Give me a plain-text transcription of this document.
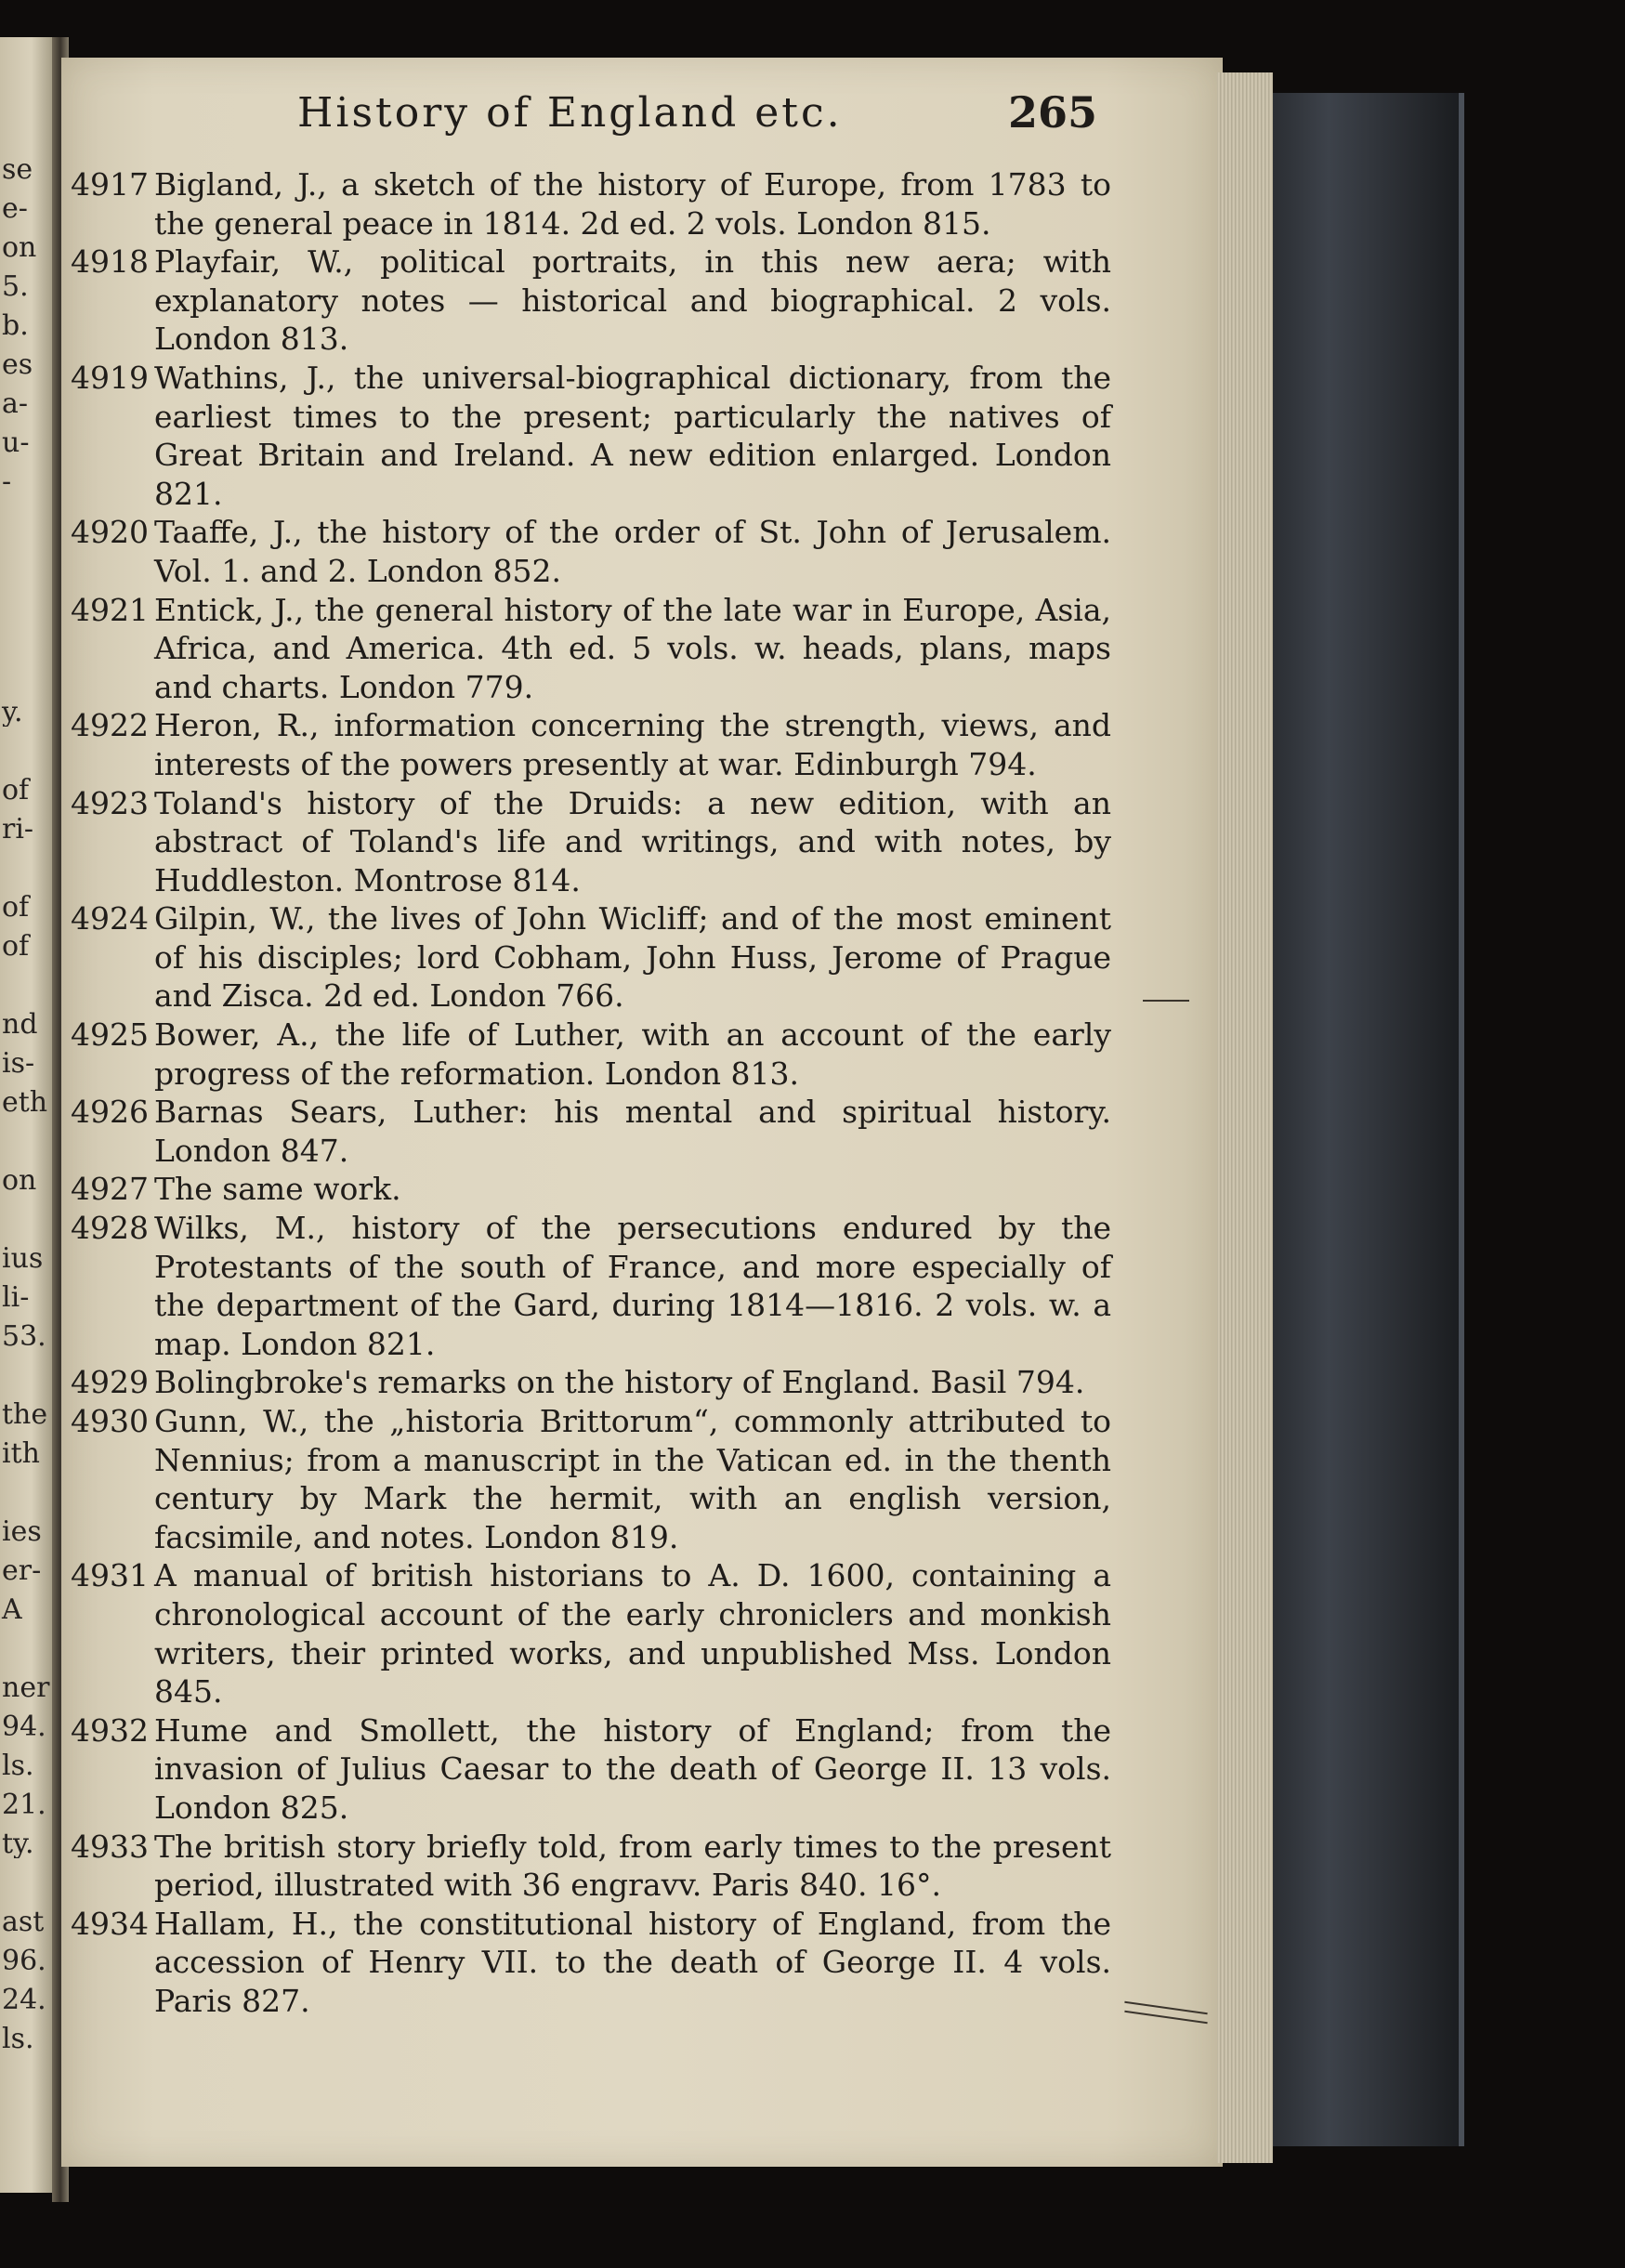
se
e-
on
5.
b.
es
a-
u-
-
y.
of
ri-
of
of
nd
is-
eth
on
ius
li-
53.
the
ith
ies
er-
A
ner
94.
ls.
21.
ty.
ast
96.
24.
ls.
History of England etc.	265
4917 Bigland, J., a sketch of the history of Europe, from 1783 to the general peace in 1814. 2d ed. 2 vols. London 815.
4918 Playfair, W., political portraits, in this new aera; with explanatory notes — historical and biographical. 2 vols. London 813.
4919 Wathins, J., the universal-biographical dictionary, from the earliest times to the present; particularly the natives of Great Britain and Ireland. A new edition enlarged. London 821.
4920 Taaffe, J., the history of the order of St. John of Jerusalem. Vol. 1. and 2. London 852.
4921 Entick, J., the general history of the late war in Europe, Asia, Africa, and America. 4th ed. 5 vols. w. heads, plans, maps and charts. London 779.
4922 Heron, R., information concerning the strength, views, and interests of the powers presently at war. Edinburgh 794.
4923 Toland's history of the Druids: a new edition, with an abstract of Toland's life and writings, and with notes, by Huddleston. Montrose 814.
4924 Gilpin, W., the lives of John Wicliff; and of the most eminent of his disciples; lord Cobham, John Huss, Jerome of Prague and Zisca. 2d ed. London 766.
4925 Bower, A., the life of Luther, with an account of the early progress of the reformation. London 813.
4926 Barnas Sears, Luther: his mental and spiritual history. London 847.
4927 The same work.
4928 Wilks, M., history of the persecutions endured by the Protestants of the south of France, and more especially of the department of the Gard, during 1814—1816. 2 vols. w. a map. London 821.
4929 Bolingbroke's remarks on the history of England. Basil 794.
4930 Gunn, W., the „historia Brittorum“, commonly attributed to Nennius; from a manuscript in the Vatican ed. in the thenth century by Mark the hermit, with an english version, facsimile, and notes. London 819.
4931 A manual of british historians to A. D. 1600, containing a chronological account of the early chroniclers and monkish writers, their printed works, and unpublished Mss. London 845.
4932 Hume and Smollett, the history of England; from the invasion of Julius Caesar to the death of George II. 13 vols. London 825.
4933 The british story briefly told, from early times to the present period, illustrated with 36 engravv. Paris 840. 16°.
4934 Hallam, H., the constitutional history of England, from the accession of Henry VII. to the death of George II. 4 vols. Paris 827.
